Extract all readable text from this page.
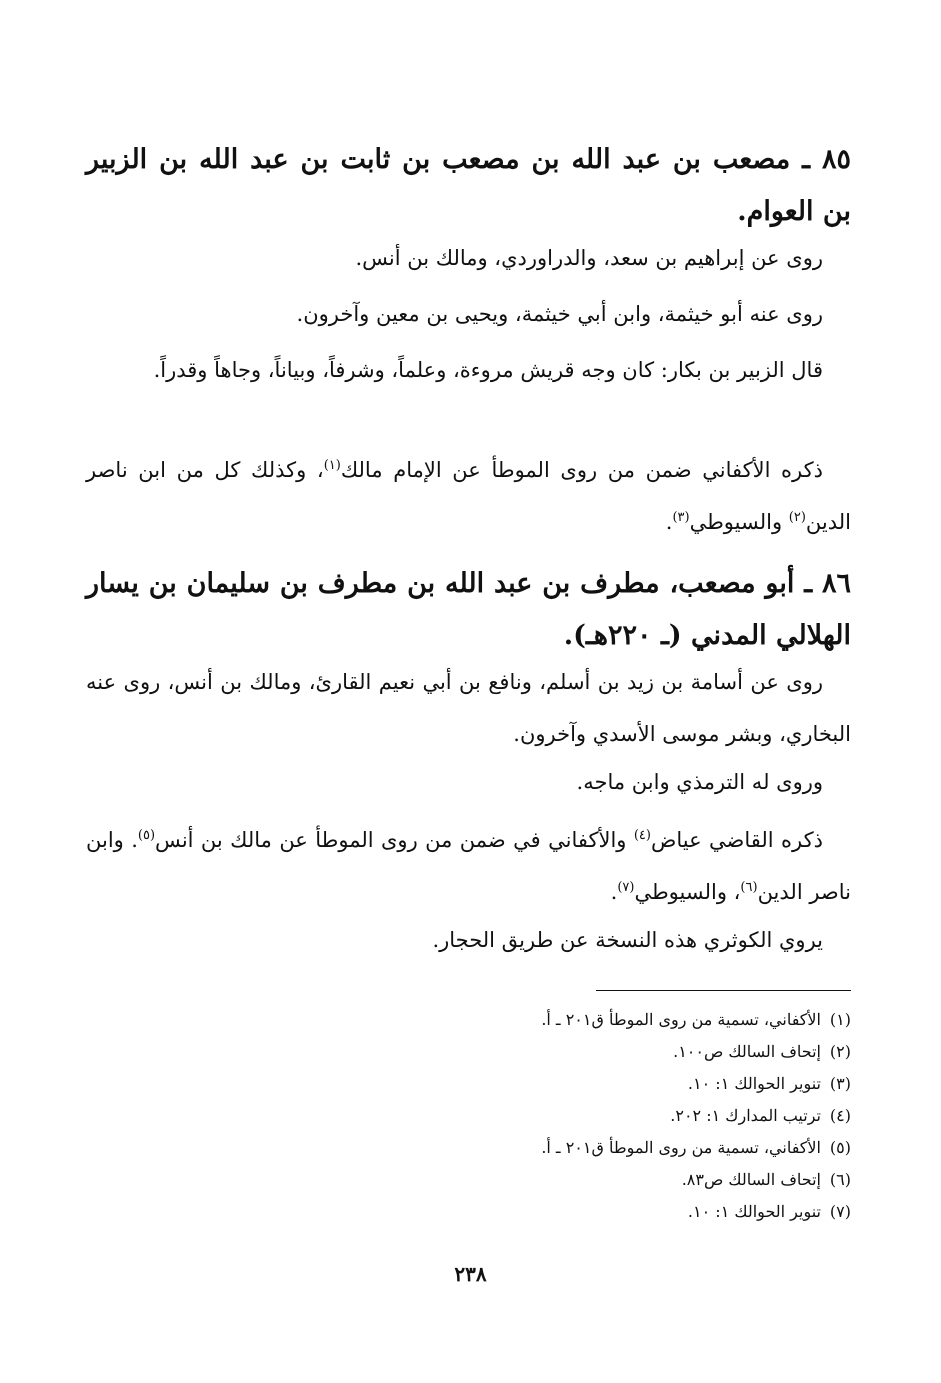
٨٥ ـ مصعب بن عبد الله بن مصعب بن ثابت بن عبد الله بن الزبير بن العوام.
روى عن إبراهيم بن سعد، والدراوردي، ومالك بن أنس.
روى عنه أبو خيثمة، وابن أبي خيثمة، ويحيى بن معين وآخرون.
قال الزبير بن بكار: كان وجه قريش مروءة، وعلماً، وشرفاً، وبياناً، وجاهاً وقدراً.
ذكره الأكفاني ضمن من روى الموطأ عن الإمام مالك$^{(١)}$، وكذلك كل من ابن ناصر الدين$^{(٢)}$ والسيوطي$^{(٣)}$.
٨٦ ـ أبو مصعب، مطرف بن عبد الله بن مطرف بن سليمان بن يسار الهلالي المدني (ـ ٢٢٠هـ).
روى عن أسامة بن زيد بن أسلم، ونافع بن أبي نعيم القارئ، ومالك بن أنس، روى عنه البخاري، وبشر موسى الأسدي وآخرون.
وروى له الترمذي وابن ماجه.
ذكره القاضي عياض$^{(٤)}$ والأكفاني في ضمن من روى الموطأ عن مالك بن أنس$^{(٥)}$. وابن ناصر الدين$^{(٦)}$، والسيوطي$^{(٧)}$.
يروي الكوثري هذه النسخة عن طريق الحجار.
(١)الأكفاني، تسمية من روى الموطأ ق٢٠١ ـ أ.
(٢)إتحاف السالك ص١٠٠.
(٣)تنوير الحوالك ١: ١٠.
(٤)ترتيب المدارك ١: ٢٠٢.
(٥)الأكفاني، تسمية من روى الموطأ ق٢٠١ ـ أ.
(٦)إتحاف السالك ص٨٣.
(٧)تنوير الحوالك ١: ١٠.
٢٣٨
